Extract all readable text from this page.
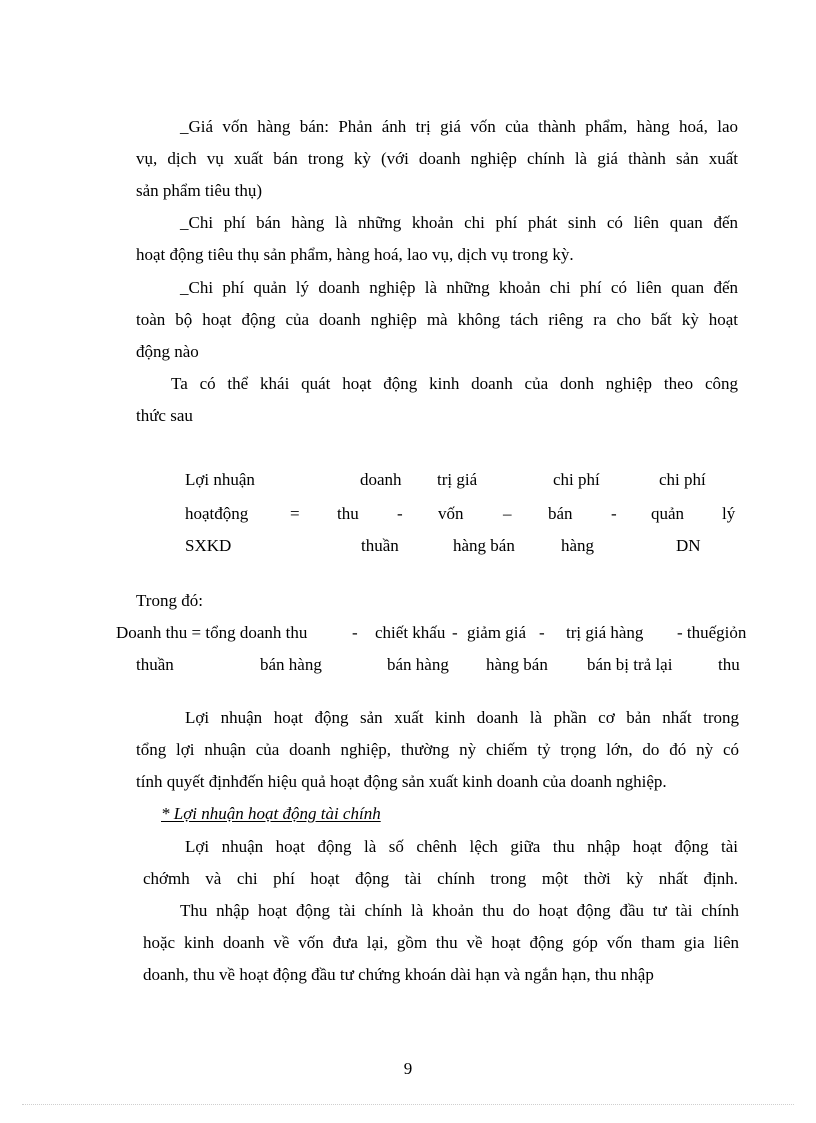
_Giá vốn hàng bán: Phản ánh trị giá vốn của thành phẩm, hàng hoá, lao
vụ, dịch vụ xuất bán trong kỳ (với doanh nghiệp chính là giá thành sản xuất
sản phẩm tiêu thụ)
_Chi phí bán hàng là những khoản chi phí phát sinh có liên quan đến
hoạt động tiêu thụ sản phẩm, hàng hoá, lao vụ, dịch vụ trong kỳ.
_Chi phí quản lý doanh nghiệp là những khoản chi phí có liên quan đến
toàn bộ hoạt động của doanh nghiệp mà không tách riêng ra cho bất kỳ hoạt
động nào
Ta có thể khái quát hoạt động kinh doanh của donh nghiệp theo công
thức sau
Lợi nhuận	doanh trị giá	chi phí	chi phí
hoạtđộng = thu - vốn – bán - quản lý
SXKD	thuần	hàng bán	hàng	DN
Trong đó:
Doanh thu = tổng doanh thu	- chiết khấu - giảm giá - trị giá hàng - thuếgiỏn
thuần	bán hàng	bán hàng hàng bán bán bị trả lại	thu
Lợi nhuận hoạt động sản xuất kinh doanh là phần cơ bản nhất trong
tổng lợi nhuận của doanh nghiệp, thường nỳ chiếm tỷ trọng lớn, do đó nỳ có
tính quyết địnhđến hiệu quả hoạt động sản xuất kinh doanh của doanh nghiệp.
* Lợi nhuận hoạt động tài chính
Lợi nhuận hoạt động là số chênh lệch giữa thu nhập hoạt động tài
chớmh và chi phí hoạt động tài chính trong một thời kỳ nhất định.
Thu nhập hoạt động tài chính là khoản thu do hoạt động đầu tư tài chính
hoặc kinh doanh về vốn đưa lại, gồm thu về hoạt động góp vốn tham gia liên
doanh, thu về hoạt động đầu tư chứng khoán dài hạn và ngắn hạn, thu nhập
9
